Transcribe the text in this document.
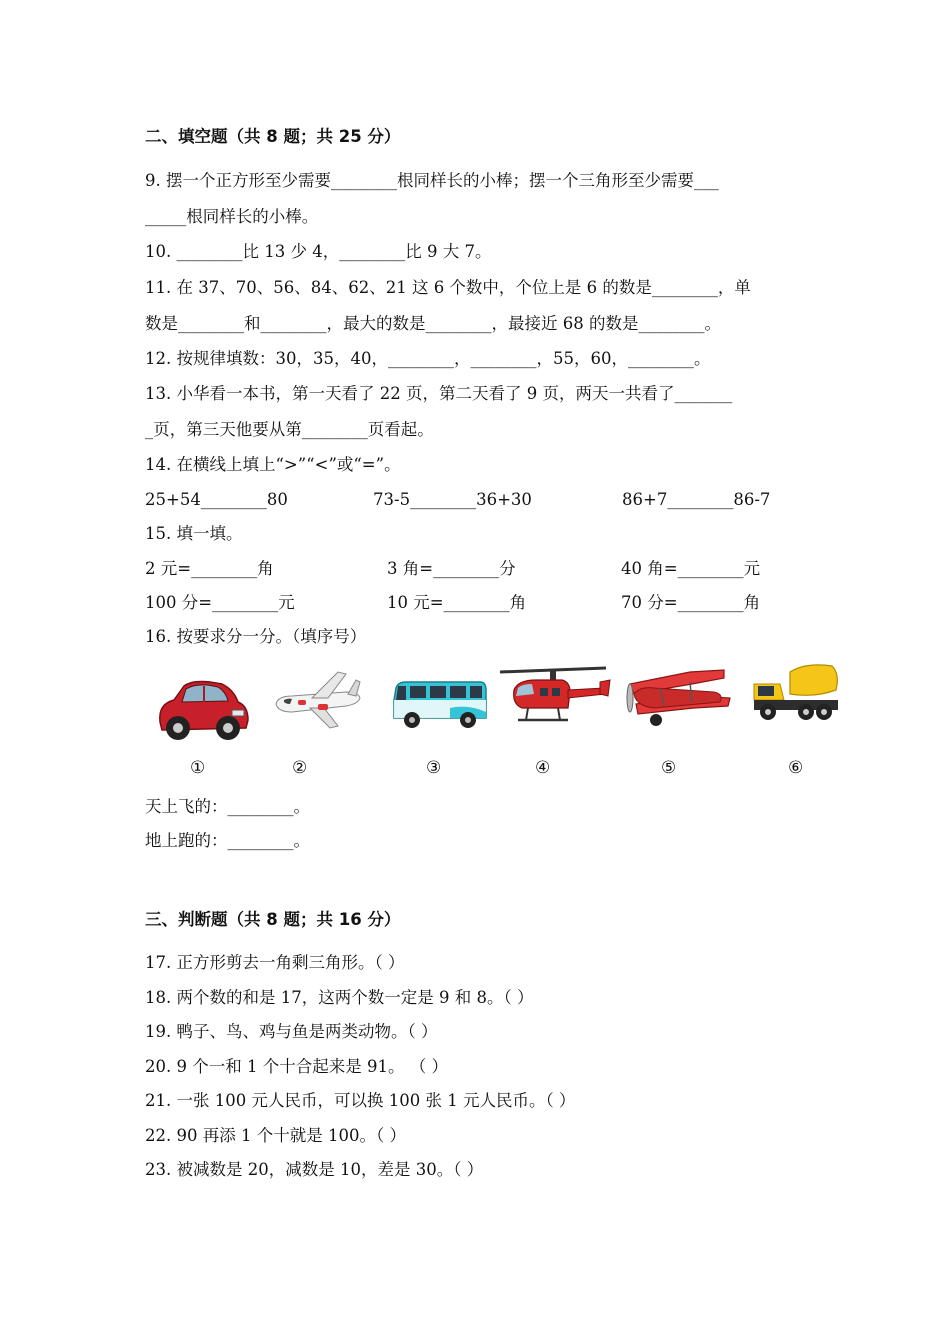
二、填空题（共 8 题；共 25 分）
9. 摆一个正方形至少需要________根同样长的小棒；摆一个三角形至少需要___
_____根同样长的小棒。
10. ________比 13 少 4，________比 9 大 7。
11. 在 37、70、56、84、62、21 这 6 个数中，个位上是 6 的数是________，单
数是________和________，最大的数是________，最接近 68 的数是________。
12. 按规律填数：30，35，40，________，________，55，60，________。
13. 小华看一本书，第一天看了 22 页，第二天看了 9 页，两天一共看了_______
_页，第三天他要从第________页看起。
14. 在横线上填上“>”“<”或“=”。
25+54________80	73-5________36+30	86+7________86-7
15. 填一填。
2 元=________角	3 角=________分	40 角=________元
100 分=________元	10 元=________角	70 分=________角
16. 按要求分一分。（填序号）
①	②	③	④	⑤	⑥
天上飞的：________。
地上跑的：________。
三、判断题（共 8 题；共 16 分）
17. 正方形剪去一角剩三角形。（ ）
18. 两个数的和是 17，这两个数一定是 9 和 8。（ ）
19. 鸭子、鸟、鸡与鱼是两类动物。（ ）
20. 9 个一和 1 个十合起来是 91。 （ ）
21. 一张 100 元人民币，可以换 100 张 1 元人民币。（ ）
22. 90 再添 1 个十就是 100。（ ）
23. 被减数是 20，减数是 10，差是 30。（ ）
